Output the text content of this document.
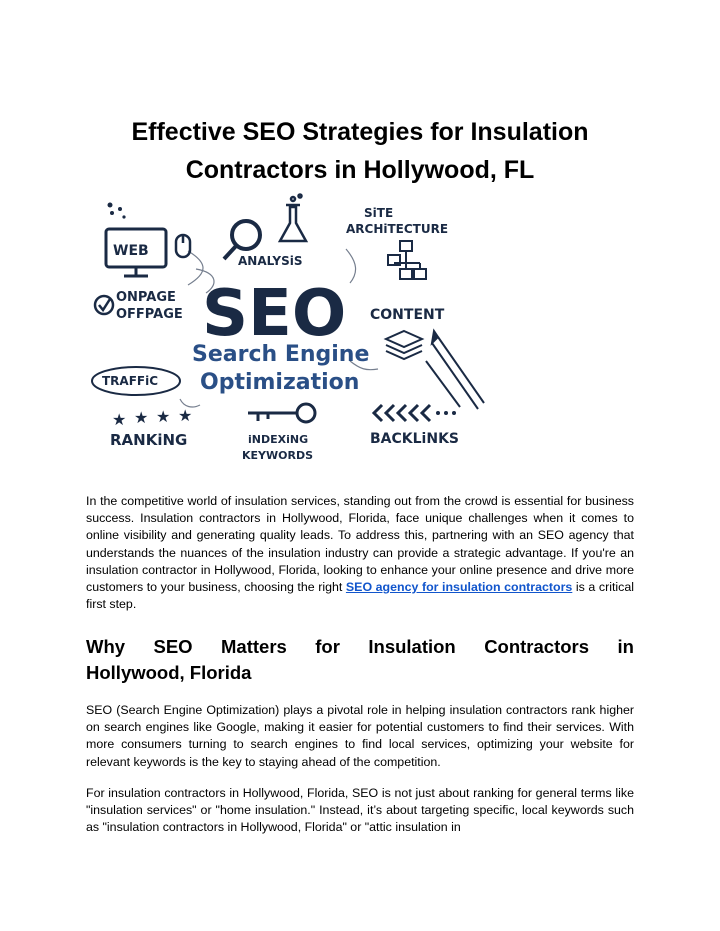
Effective SEO Strategies for Insulation
Contractors in Hollywood, FL
WEB
ANALYSiS
SiTE
ARCHiTECTURE
ONPAGE
OFFPAGE SEO
Search Engine
Optimization
CONTENT
TRAFFiC
★ ★ ★ ★
RANKiNG	iNDEXiNG
KEYWORDS
BACKLiNKS

In the competitive world of insulation services, standing out from the crowd is essential for business success. Insulation contractors in Hollywood, Florida, face unique challenges when it comes to online visibility and generating quality leads. To address this, partnering with an SEO agency that understands the nuances of the insulation industry can provide a strategic advantage. If you're an insulation contractor in Hollywood, Florida, looking to enhance your online presence and drive more customers to your business, choosing the right SEO agency for insulation contractors is a critical first step.

Why SEO Matters for Insulation Contractors in
Hollywood, Florida

SEO (Search Engine Optimization) plays a pivotal role in helping insulation contractors rank higher on search engines like Google, making it easier for potential customers to find their services. With more consumers turning to search engines to find local services, optimizing your website for relevant keywords is the key to staying ahead of the competition.

For insulation contractors in Hollywood, Florida, SEO is not just about ranking for general terms like "insulation services" or "home insulation." Instead, it’s about targeting specific, local keywords such as "insulation contractors in Hollywood, Florida" or "attic insulation in
